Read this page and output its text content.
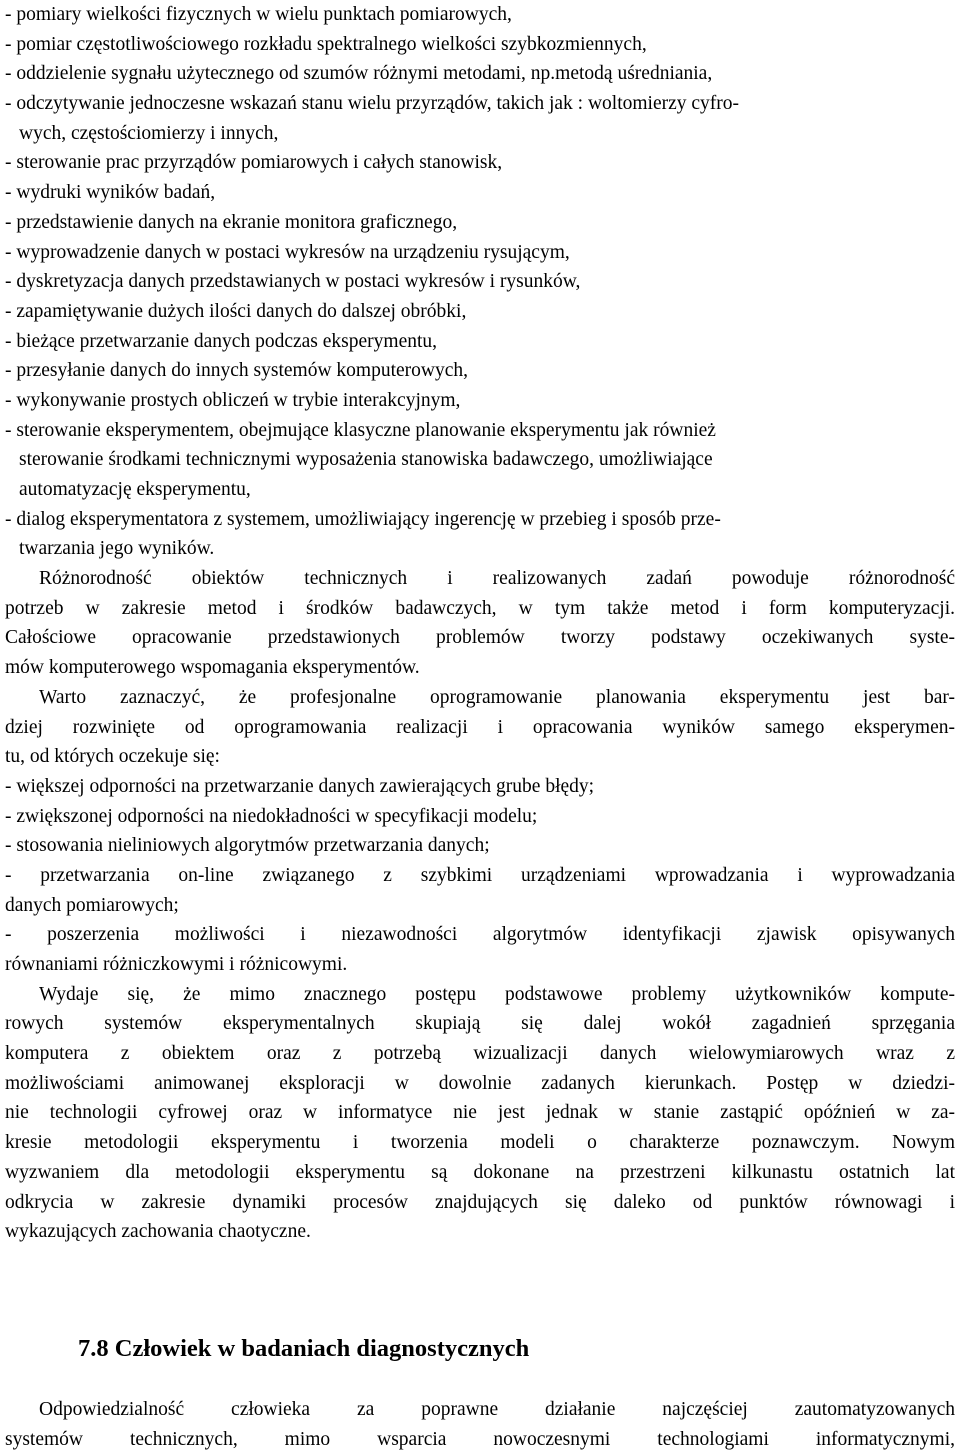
- pomiary wielkości fizycznych w wielu punktach pomiarowych,
- pomiar częstotliwościowego rozkładu spektralnego wielkości szybkozmiennych,
- oddzielenie sygnału użytecznego od szumów różnymi metodami, np.metodą uśredniania,
- odczytywanie jednoczesne wskazań stanu wielu przyrządów, takich jak : woltomierzy cyfro-
wych, częstościomierzy i innych,
- sterowanie prac przyrządów pomiarowych i całych stanowisk,
- wydruki wyników badań,
- przedstawienie danych na ekranie monitora graficznego,
- wyprowadzenie danych w postaci wykresów na urządzeniu rysującym,
- dyskretyzacja danych przedstawianych w postaci wykresów i rysunków,
- zapamiętywanie dużych ilości danych do dalszej obróbki,
- bieżące przetwarzanie danych podczas eksperymentu,
- przesyłanie danych do innych systemów komputerowych,
- wykonywanie prostych obliczeń w trybie interakcyjnym,
- sterowanie eksperymentem, obejmujące klasyczne planowanie eksperymentu jak również
sterowanie środkami technicznymi wyposażenia stanowiska badawczego, umożliwiające
automatyzację eksperymentu,
- dialog eksperymentatora z systemem, umożliwiający ingerencję w przebieg i sposób prze-
twarzania jego wyników.
Różnorodność obiektów technicznych i realizowanych zadań powoduje różnorodność
potrzeb w zakresie metod i środków badawczych, w tym także metod i form komputeryzacji.
Całościowe opracowanie przedstawionych problemów tworzy podstawy oczekiwanych syste-
mów komputerowego wspomagania eksperymentów.
Warto zaznaczyć, że profesjonalne oprogramowanie planowania eksperymentu jest bar-
dziej rozwinięte od oprogramowania realizacji i opracowania wyników samego eksperymen-
tu, od których oczekuje się:
- większej odporności na przetwarzanie danych zawierających grube błędy;
- zwiększonej odporności na niedokładności w specyfikacji modelu;
- stosowania nieliniowych algorytmów przetwarzania danych;
- przetwarzania on-line związanego z szybkimi urządzeniami wprowadzania i wyprowadzania
danych pomiarowych;
- poszerzenia możliwości i niezawodności algorytmów identyfikacji zjawisk opisywanych
równaniami różniczkowymi i różnicowymi.
Wydaje się, że mimo znacznego postępu podstawowe problemy użytkowników kompute-
rowych systemów eksperymentalnych skupiają się dalej wokół zagadnień sprzęgania
komputera z obiektem oraz z potrzebą wizualizacji danych wielowymiarowych wraz z
możliwościami animowanej eksploracji w dowolnie zadanych kierunkach. Postęp w dziedzi-
nie technologii cyfrowej oraz w informatyce nie jest jednak w stanie zastąpić opóźnień w za-
kresie metodologii eksperymentu i tworzenia modeli o charakterze poznawczym. Nowym
wyzwaniem dla metodologii eksperymentu są dokonane na przestrzeni kilkunastu ostatnich lat
odkrycia w zakresie dynamiki procesów znajdujących się daleko od punktów równowagi i
wykazujących zachowania chaotyczne.
7.8 Człowiek w badaniach diagnostycznych
Odpowiedzialność człowieka za poprawne działanie najczęściej zautomatyzowanych
systemów technicznych, mimo wsparcia nowoczesnymi technologiami informatycznymi,
